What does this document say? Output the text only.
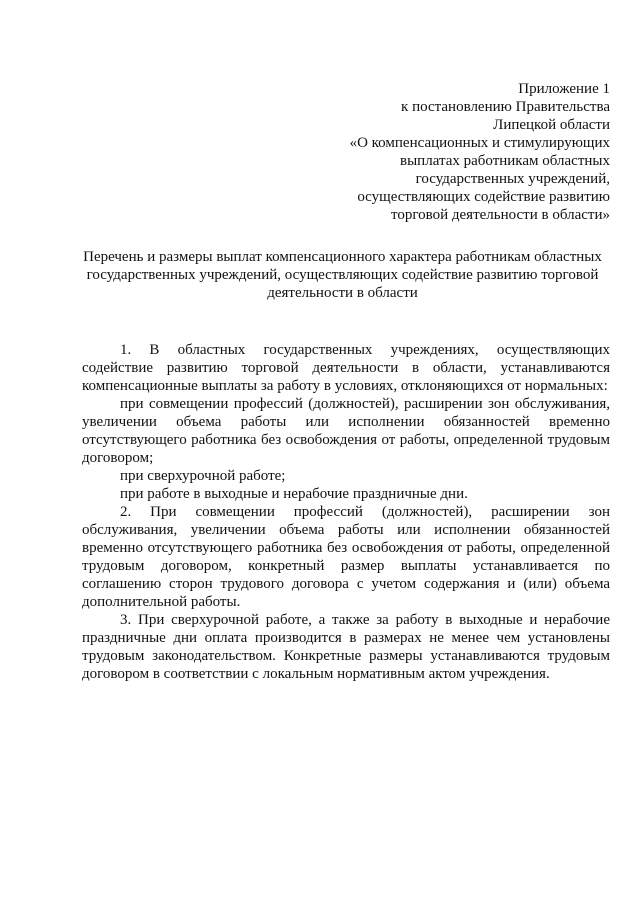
Приложение 1
к постановлению Правительства
Липецкой области
«О компенсационных и стимулирующих
выплатах работникам областных
государственных учреждений,
осуществляющих содействие развитию
торговой деятельности в области»
Перечень и размеры выплат компенсационного характера работникам областных
государственных учреждений, осуществляющих содействие развитию торговой
деятельности в области

1. В областных государственных учреждениях, осуществляющих содействие развитию торговой деятельности в области, устанавливаются компенсационные выплаты за работу в условиях, отклоняющихся от нормальных:

при совмещении профессий (должностей), расширении зон обслуживания, увеличении объема работы или исполнении обязанностей временно отсутствующего работника без освобождения от работы, определенной трудовым договором;

при сверхурочной работе;

при работе в выходные и нерабочие праздничные дни.

2. При совмещении профессий (должностей), расширении зон обслуживания, увеличении объема работы или исполнении обязанностей временно отсутствующего работника без освобождения от работы, определенной трудовым договором, конкретный размер выплаты устанавливается по соглашению сторон трудового договора с учетом содержания и (или) объема дополнительной работы.

3. При сверхурочной работе, а также за работу в выходные и нерабочие праздничные дни оплата производится в размерах не менее чем установлены трудовым законодательством. Конкретные размеры устанавливаются трудовым договором в соответствии с локальным нормативным актом учреждения.
